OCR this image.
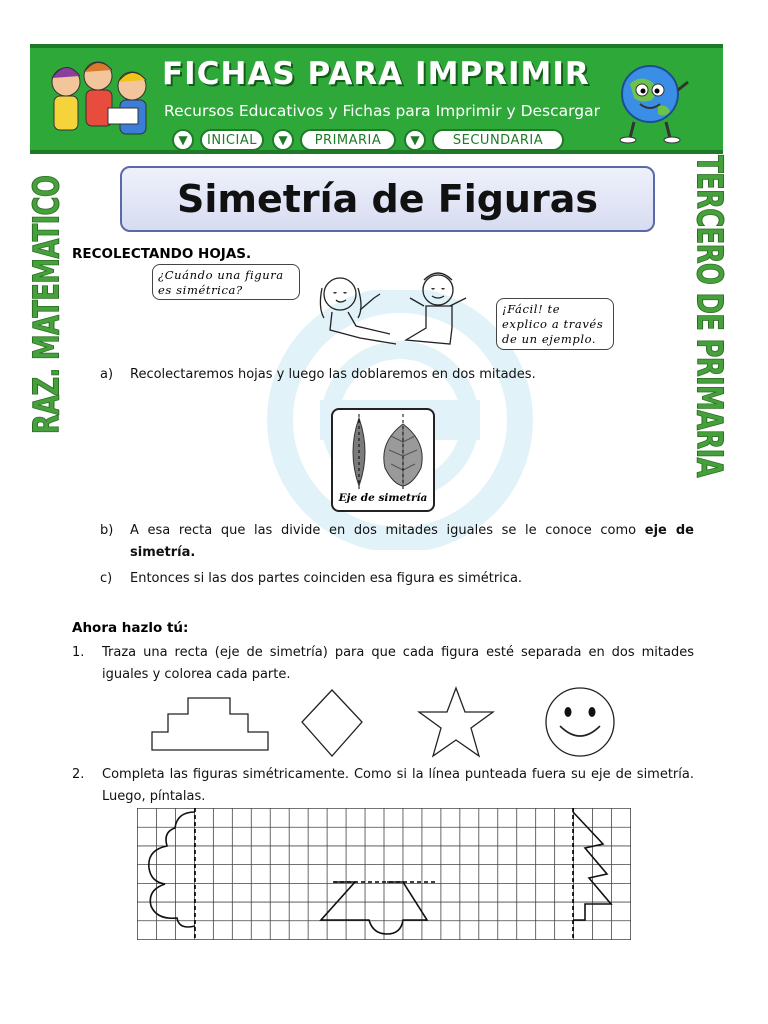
FICHAS PARA IMPRIMIR
Recursos Educativos y Fichas para Imprimir y Descargar
▼	INICIAL	▼	PRIMARIA	▼	SECUNDARIA
RAZ. MATEMATICO	TERCERO DE PRIMARIA
Simetría de Figuras
RECOLECTANDO HOJAS.
¿Cuándo una figura es simétrica?
¡Fácil! te explico a través de un ejemplo.
a) Recolectaremos hojas y luego las doblaremos en dos mitades.
Eje de simetría
b) A esa recta que las divide en dos mitades iguales se le conoce como eje de simetría.
c) Entonces si las dos partes coinciden esa figura es simétrica.
Ahora hazlo tú:
1. Traza una recta (eje de simetría) para que cada figura esté separada en dos mitades iguales y colorea cada parte.
2. Completa las figuras simétricamente. Como si la línea punteada fuera su eje de simetría. Luego, píntalas.
